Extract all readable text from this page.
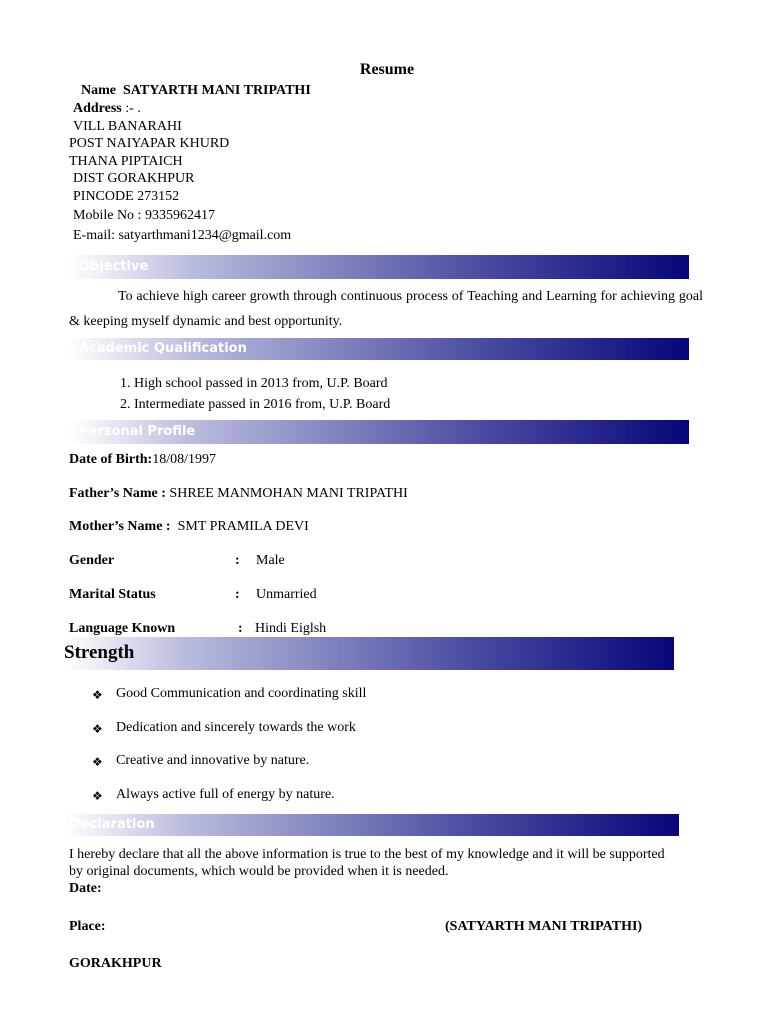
Resume
Name SATYARTH MANI TRIPATHI
Address :- .
VILL BANARAHI
POST NAIYAPAR KHURD
THANA PIPTAICH
DIST GORAKHPUR
PINCODE 273152
Mobile No : 9335962417
E-mail: satyarthmani1234@gmail.com
Objective
To achieve high career growth through continuous process of Teaching and Learning for achieving goal & keeping myself dynamic and best opportunity.
Academic Qualification
1. High school passed in 2013 from, U.P. Board
2. Intermediate passed in 2016 from, U.P. Board
Personal Profile
Date of Birth:18/08/1997
Father’s Name : SHREE MANMOHAN MANI TRIPATHI
Mother’s Name : SMT PRAMILA DEVI
Gender	: Male
Marital Status	: Unmarried
Language Known	: Hindi Eiglsh
Strength
❖ Good Communication and coordinating skill
❖ Dedication and sincerely towards the work
❖ Creative and innovative by nature.
❖ Always active full of energy by nature.
Declaration
I hereby declare that all the above information is true to the best of my knowledge and it will be supported by original documents, which would be provided when it is needed.
Date:
Place:	(SATYARTH MANI TRIPATHI)
GORAKHPUR
